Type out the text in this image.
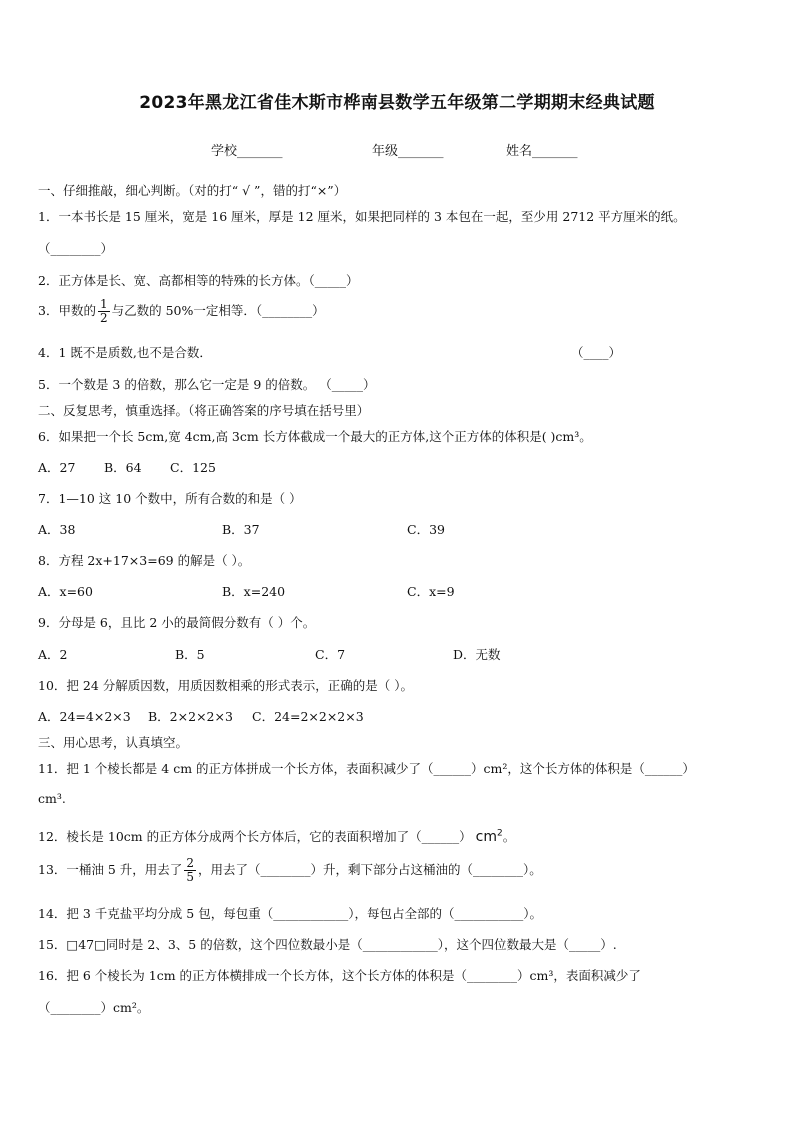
2023年黑龙江省佳木斯市桦南县数学五年级第二学期期末经典试题
学校_______	年级_______	姓名_______
一、仔细推敲，细心判断。（对的打“ √ ”，错的打“×”）
1．一本书长是 15 厘米，宽是 16 厘米，厚是 12 厘米，如果把同样的 3 本包在一起，至少用 2712 平方厘米的纸。
（________）
2．正方体是长、宽、高都相等的特殊的长方体。（_____）
3．甲数的 $\frac{1}{2}$ 与乙数的 50%一定相等．（________）
4．1 既不是质数,也不是合数．	（____）
5．一个数是 3 的倍数，那么它一定是 9 的倍数。 （_____）
二、反复思考，慎重选择。（将正确答案的序号填在括号里）
6．如果把一个长 5cm,宽 4cm,高 3cm 长方体截成一个最大的正方体,这个正方体的体积是( )cm³。
A．27 B．64 C．125
7．1—10 这 10 个数中，所有合数的和是（ ）
A．38	B．37	C．39
8．方程 2x+17×3=69 的解是（ ）。
A．x=60	B．x=240	C．x=9
9．分母是 6，且比 2 小的最简假分数有（ ）个。
A．2	B．5	C．7	D．无数
10．把 24 分解质因数，用质因数相乘的形式表示，正确的是（ ）。
A．24=4×2×3 B．2×2×2×3 C．24=2×2×2×3
三、用心思考，认真填空。
11．把 1 个棱长都是 4 cm 的正方体拼成一个长方体，表面积减少了（______）cm²，这个长方体的体积是（______）
cm³.
12．棱长是 10cm 的正方体分成两个长方体后，它的表面积增加了（______） $cm^2$。
13．一桶油 5 升，用去了 $\frac{2}{5}$ ，用去了（________）升，剩下部分占这桶油的（________）。
14．把 3 千克盐平均分成 5 包，每包重（____________），每包占全部的（___________）。
15．□47□同时是 2、3、5 的倍数，这个四位数最小是（____________），这个四位数最大是（_____）.
16．把 6 个棱长为 1cm 的正方体横排成一个长方体，这个长方体的体积是（________）cm³，表面积减少了
（________）cm²。
